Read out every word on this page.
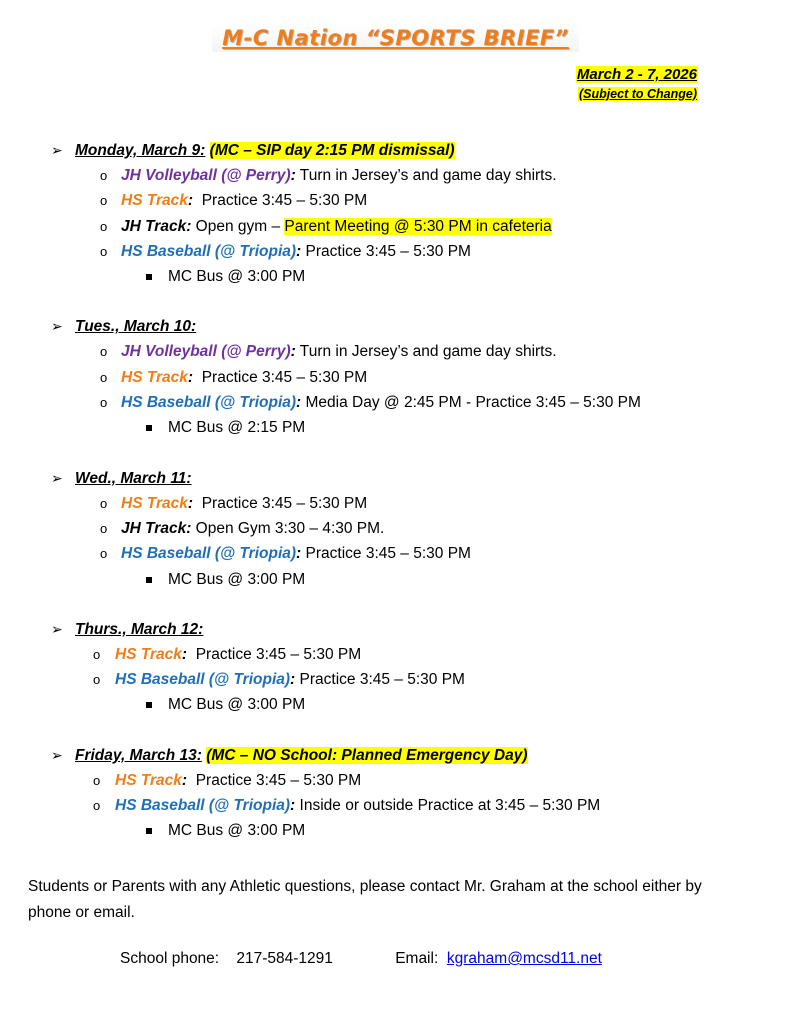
M-C Nation “SPORTS BRIEF”
March 2 - 7, 2026
(Subject to Change)
➢ Monday, March 9: (MC – SIP day 2:15 PM dismissal)
o JH Volleyball (@ Perry): Turn in Jersey’s and game day shirts.
o HS Track:  Practice 3:45 – 5:30 PM
o JH Track: Open gym – Parent Meeting @ 5:30 PM in cafeteria
o HS Baseball (@ Triopia): Practice 3:45 – 5:30 PM
MC Bus @ 3:00 PM
➢ Tues., March 10:
o JH Volleyball (@ Perry): Turn in Jersey’s and game day shirts.
o HS Track:  Practice 3:45 – 5:30 PM
o HS Baseball (@ Triopia): Media Day @ 2:45 PM - Practice 3:45 – 5:30 PM
MC Bus @ 2:15 PM
➢ Wed., March 11:
o HS Track:  Practice 3:45 – 5:30 PM
o JH Track: Open Gym 3:30 – 4:30 PM.
o HS Baseball (@ Triopia): Practice 3:45 – 5:30 PM
MC Bus @ 3:00 PM
➢ Thurs., March 12:
o HS Track:  Practice 3:45 – 5:30 PM
o HS Baseball (@ Triopia): Practice 3:45 – 5:30 PM
MC Bus @ 3:00 PM
➢ Friday, March 13: (MC – NO School: Planned Emergency Day)
o HS Track:  Practice 3:45 – 5:30 PM
o HS Baseball (@ Triopia): Inside or outside Practice at 3:45 – 5:30 PM
MC Bus @ 3:00 PM
Students or Parents with any Athletic questions, please contact Mr. Graham at the school either by phone or email.
School phone: 217-584-1291	Email: kgraham@mcsd11.net
